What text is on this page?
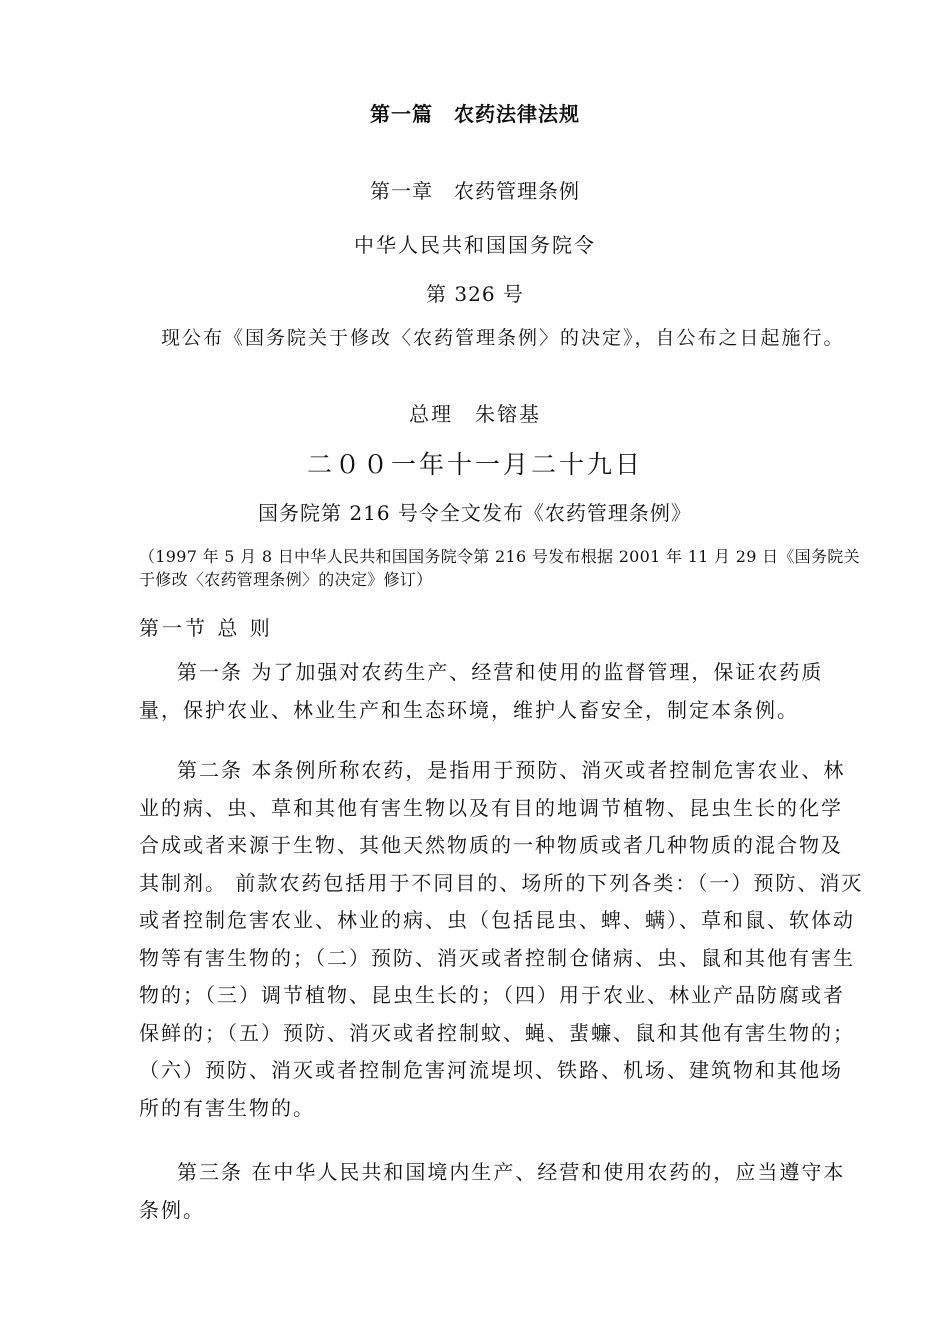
第一篇　农药法律法规
第一章　农药管理条例
中华人民共和国国务院令
第 326 号
现公布《国务院关于修改〈农药管理条例〉的决定》，自公布之日起施行。
总理　朱镕基
二００一年十一月二十九日
国务院第 216 号令全文发布《农药管理条例》
（1997 年 5 月 8 日中华人民共和国国务院令第 216 号发布根据 2001 年 11 月 29 日《国务院关于修改〈农药管理条例〉的决定》修订）
第一节 总 则
第一条 为了加强对农药生产、经营和使用的监督管理，保证农药质量，保护农业、林业生产和生态环境，维护人畜安全，制定本条例。
第二条 本条例所称农药，是指用于预防、消灭或者控制危害农业、林业的病、虫、草和其他有害生物以及有目的地调节植物、昆虫生长的化学合成或者来源于生物、其他天然物质的一种物质或者几种物质的混合物及其制剂。 前款农药包括用于不同目的、场所的下列各类：（一）预防、消灭或者控制危害农业、林业的病、虫（包括昆虫、蜱、螨）、草和鼠、软体动物等有害生物的；（二）预防、消灭或者控制仓储病、虫、鼠和其他有害生物的；（三）调节植物、昆虫生长的；（四）用于农业、林业产品防腐或者保鲜的；（五）预防、消灭或者控制蚊、蝇、蜚蠊、鼠和其他有害生物的；（六）预防、消灭或者控制危害河流堤坝、铁路、机场、建筑物和其他场所的有害生物的。
第三条 在中华人民共和国境内生产、经营和使用农药的，应当遵守本条例。
